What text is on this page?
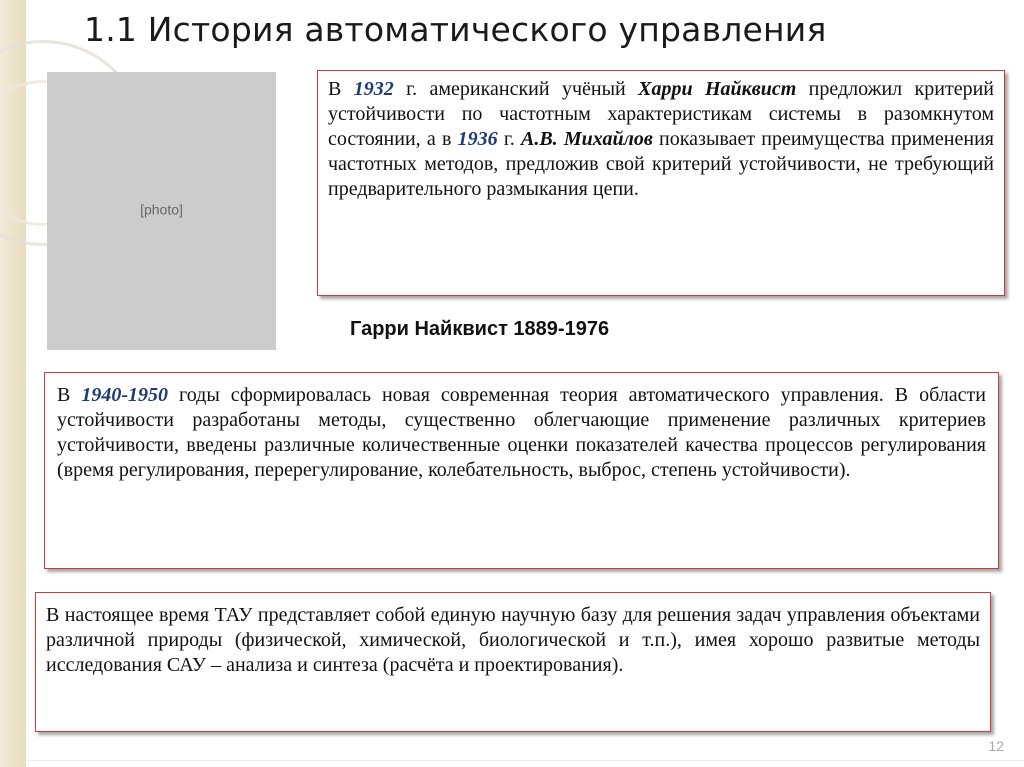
1.1 История автоматического управления
[photo]

В 1932 г. американский учёный Харри Найквист предложил критерий устойчивости по частотным характеристикам системы в разомкнутом состоянии, а в 1936 г. А.В. Михайлов показывает преимущества применения частотных методов, предложив свой критерий устойчивости, не требующий предварительного размыкания цепи.

Гарри Найквист 1889-1976

В 1940-1950 годы сформировалась новая современная теория автоматического управления. В области устойчивости разработаны методы, существенно облегчающие применение различных критериев устойчивости, введены различные количественные оценки показателей качества процессов регулирования (время регулирования, перерегулирование, колебательность, выброс, степень устойчивости).

В настоящее время ТАУ представляет собой единую научную базу для решения задач управления объектами различной природы (физической, химической, биологической и т.п.), имея хорошо развитые методы исследования САУ – анализа и синтеза (расчёта и проектирования).

12
